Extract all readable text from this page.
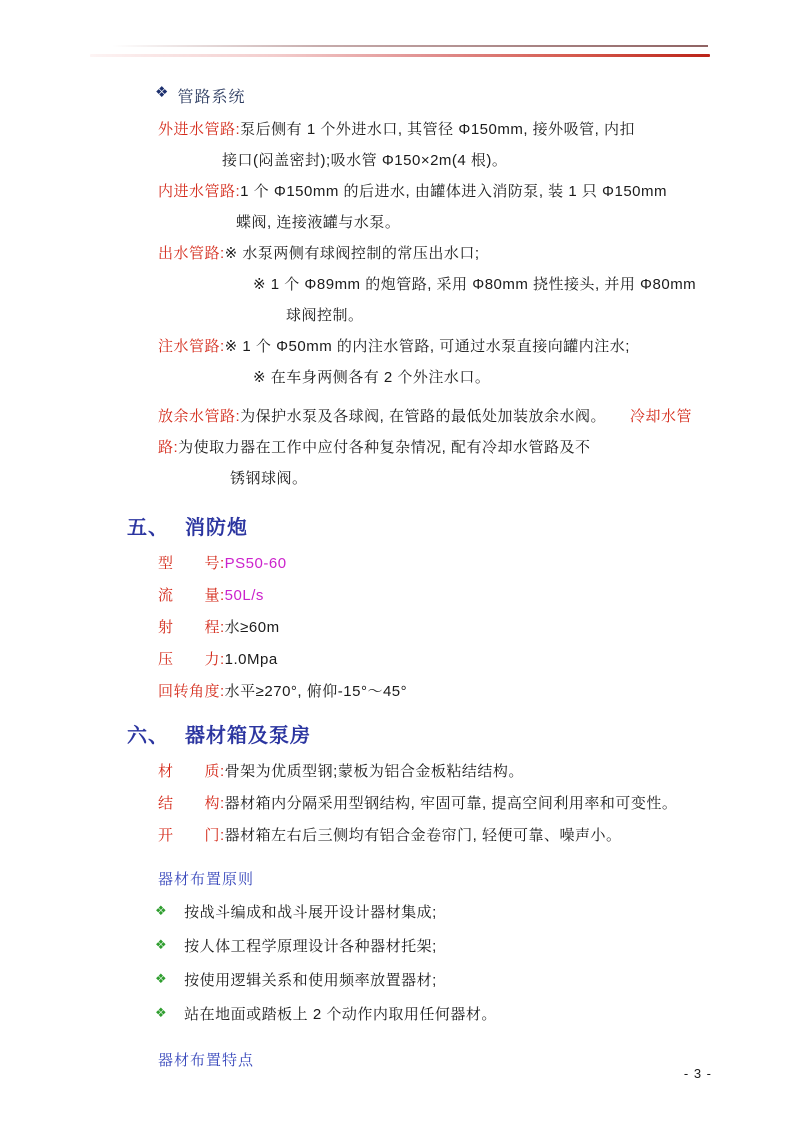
❖ 管路系统
外进水管路:泵后侧有 1 个外进水口, 其管径 Φ150mm, 接外吸管, 内扣
接口(闷盖密封);吸水管 Φ150×2m(4 根)。
内进水管路:1 个 Φ150mm 的后进水, 由罐体进入消防泵, 装 1 只 Φ150mm
蝶阀, 连接液罐与水泵。
出水管路:※ 水泵两侧有球阀控制的常压出水口;
※ 1 个 Φ89mm 的炮管路, 采用 Φ80mm 挠性接头, 并用 Φ80mm
球阀控制。
注水管路:※ 1 个 Φ50mm 的内注水管路, 可通过水泵直接向罐内注水;
※ 在车身两侧各有 2 个外注水口。
放余水管路:为保护水泵及各球阀, 在管路的最低处加装放余水阀。 冷却水管
路:为使取力器在工作中应付各种复杂情况, 配有冷却水管路及不
锈钢球阀。
五、 消防炮
型　　号:PS50-60
流　　量:50L/s
射　　程:水≥60m
压　　力:1.0Mpa
回转角度:水平≥270°, 俯仰-15°～45°
六、 器材箱及泵房
材　　质:骨架为优质型钢;蒙板为铝合金板粘结结构。
结　　构:器材箱内分隔采用型钢结构, 牢固可靠, 提高空间利用率和可变性。
开　　门:器材箱左右后三侧均有铝合金卷帘门, 轻便可靠、噪声小。
器材布置原则
❖ 按战斗编成和战斗展开设计器材集成;
❖ 按人体工程学原理设计各种器材托架;
❖ 按使用逻辑关系和使用频率放置器材;
❖ 站在地面或踏板上 2 个动作内取用任何器材。
器材布置特点
- 3 -
